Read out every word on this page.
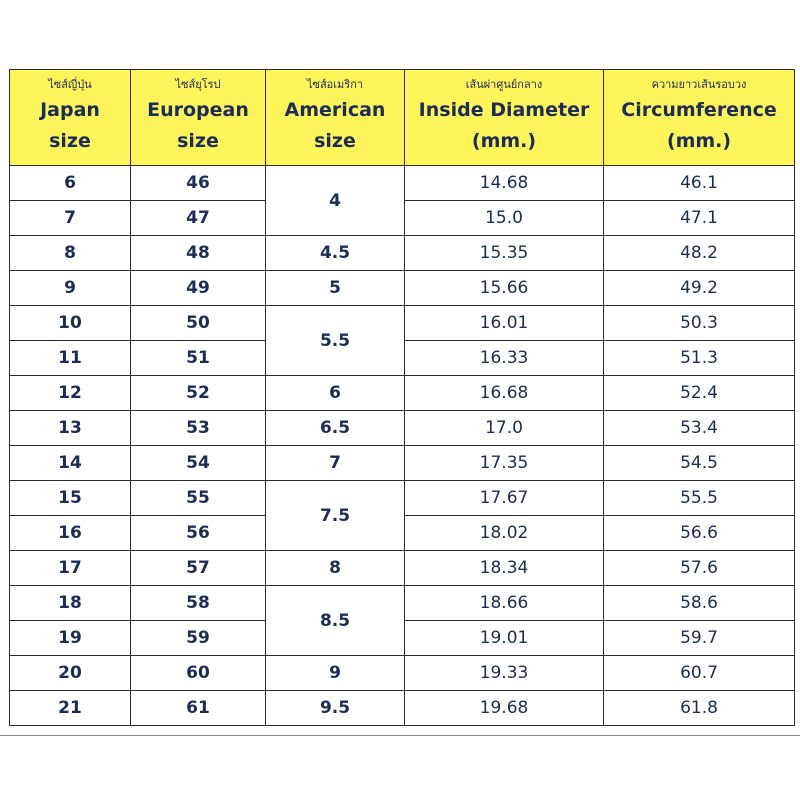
ไซส์ญี่ปุ่น
Japan
size	ไซส์ยุโรป
European
size	ไซส์อเมริกา
American
size	เส้นผ่าศูนย์กลาง
Inside Diameter
(mm.)	ความยาวเส้นรอบวง
Circumference
(mm.)

6	46	4	14.68	46.1
7	47		15.0	47.1
8	48	4.5	15.35	48.2
9	49	5	15.66	49.2
10	50	5.5	16.01	50.3
11	51		16.33	51.3
12	52	6	16.68	52.4
13	53	6.5	17.0	53.4
14	54	7	17.35	54.5
15	55	7.5	17.67	55.5
16	56		18.02	56.6
17	57	8	18.34	57.6
18	58	8.5	18.66	58.6
19	59		19.01	59.7
20	60	9	19.33	60.7
21	61	9.5	19.68	61.8
